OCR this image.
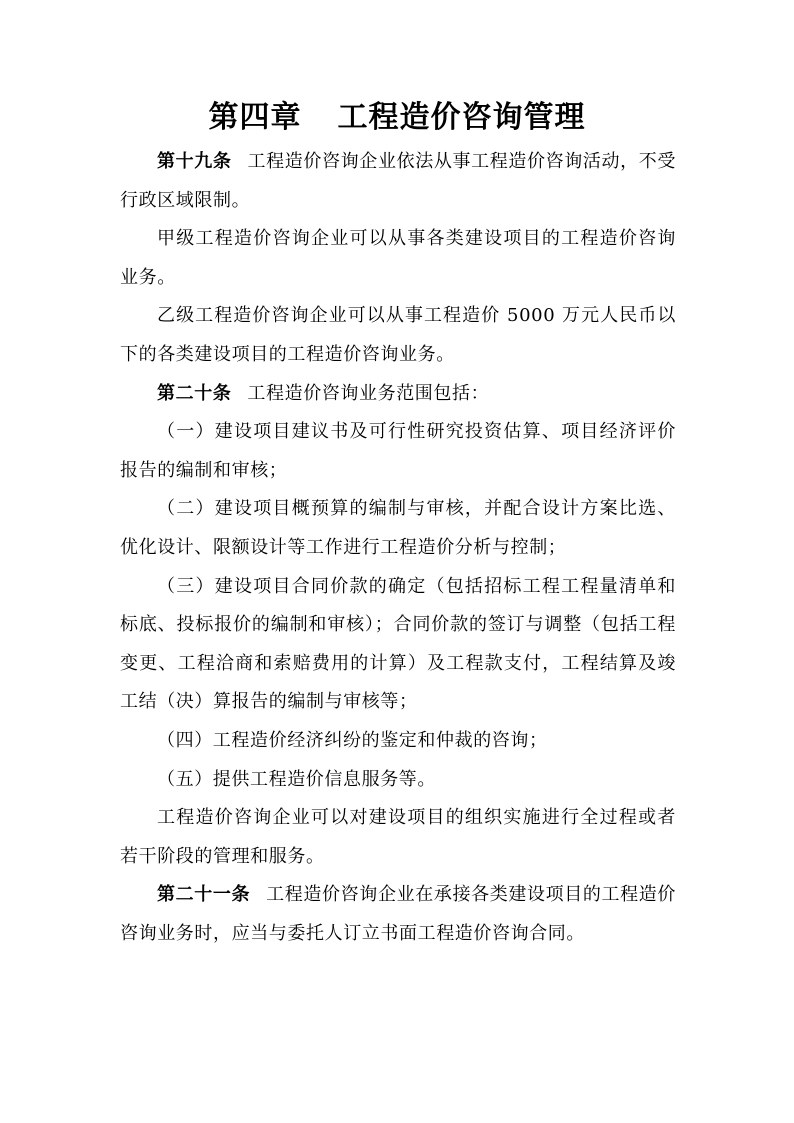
第四章 工程造价咨询管理

第十九条 工程造价咨询企业依法从事工程造价咨询活动，不受行政区域限制。

甲级工程造价咨询企业可以从事各类建设项目的工程造价咨询业务。

乙级工程造价咨询企业可以从事工程造价 5000 万元人民币以下的各类建设项目的工程造价咨询业务。

第二十条 工程造价咨询业务范围包括：

（一）建设项目建议书及可行性研究投资估算、项目经济评价报告的编制和审核；

（二）建设项目概预算的编制与审核，并配合设计方案比选、优化设计、限额设计等工作进行工程造价分析与控制；

（三）建设项目合同价款的确定（包括招标工程工程量清单和标底、投标报价的编制和审核）；合同价款的签订与调整（包括工程变更、工程洽商和索赔费用的计算）及工程款支付，工程结算及竣工结（决）算报告的编制与审核等；

（四）工程造价经济纠纷的鉴定和仲裁的咨询；

（五）提供工程造价信息服务等。

工程造价咨询企业可以对建设项目的组织实施进行全过程或者若干阶段的管理和服务。

第二十一条 工程造价咨询企业在承接各类建设项目的工程造价咨询业务时，应当与委托人订立书面工程造价咨询合同。
